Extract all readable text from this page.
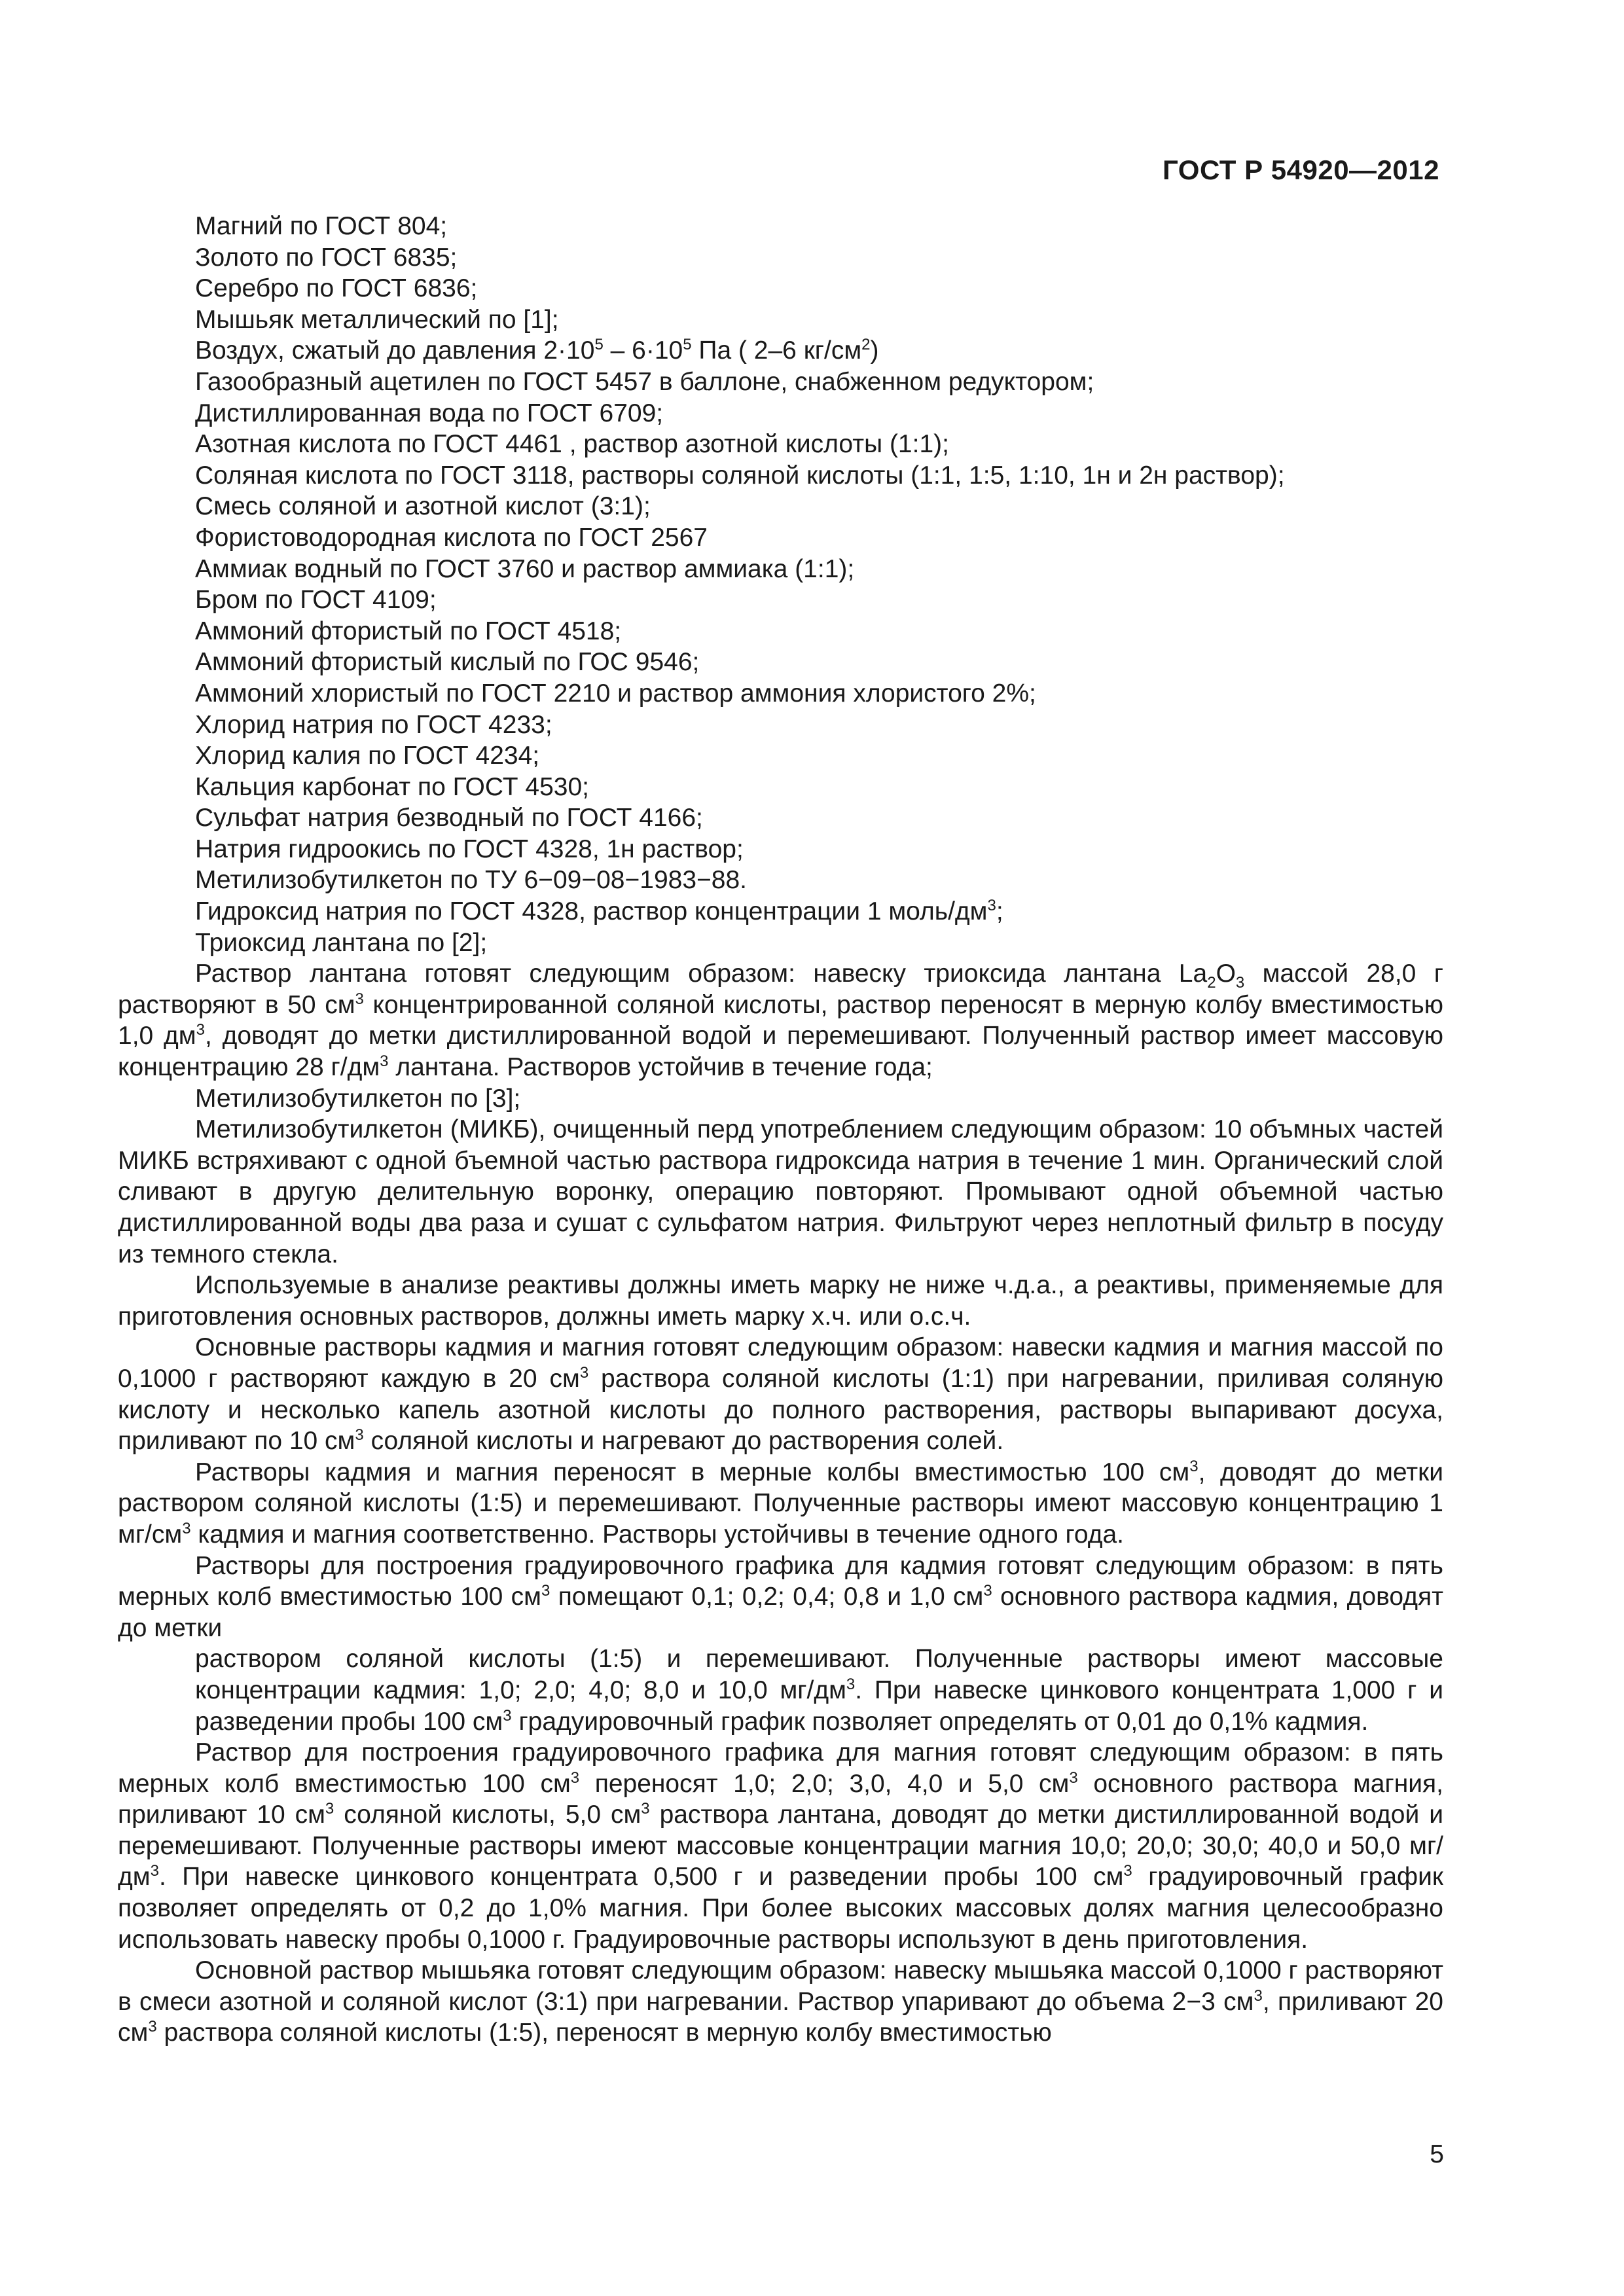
ГОСТ Р 54920—2012
Магний по ГОСТ 804;
Золото по ГОСТ 6835;
Серебро по ГОСТ 6836;
Мышьяк металлический по [1];
Воздух, сжатый до давления $2\cdot 10^5 - 6\cdot 10^5$ Па ( 2–6 $кг/см^2$)
Газообразный ацетилен по ГОСТ 5457 в баллоне, снабженном редуктором;
Дистиллированная вода по ГОСТ 6709;
Азотная кислота по ГОСТ 4461 , раствор азотной кислоты (1:1);
Соляная кислота по ГОСТ 3118, растворы соляной кислоты (1:1, 1:5, 1:10, 1н и 2н раствор);
Смесь соляной и азотной кислот (3:1);
Фористоводородная кислота по ГОСТ 2567
Аммиак водный по ГОСТ 3760 и раствор аммиака (1:1);
Бром по ГОСТ 4109;
Аммоний фтористый по ГОСТ 4518;
Аммоний фтористый кислый по ГОС 9546;
Аммоний хлористый по ГОСТ 2210 и раствор аммония хлористого 2%;
Хлорид натрия по ГОСТ 4233;
Хлорид калия по ГОСТ 4234;
Кальция карбонат по ГОСТ 4530;
Сульфат натрия безводный по ГОСТ 4166;
Натрия гидроокись по ГОСТ 4328, 1н раствор;
Метилизобутилкетон по ТУ 6−09−08−1983−88.
Гидроксид натрия по ГОСТ 4328, раствор концентрации 1 моль/$дм^3$;
Триоксид лантана по [2];
Раствор лантана готовят следующим образом: навеску триоксида лантана $La_2O_3$ массой 28,0 г растворяют в 50 $см^3$ концентрированной соляной кислоты, раствор переносят в мерную колбу вместимостью 1,0 $дм^3$, доводят до метки дистиллированной водой и перемешивают. Полученный раствор имеет массовую концентрацию 28 $г/дм^3$ лантана. Растворов устойчив в течение года;
Метилизобутилкетон по [3];
Метилизобутилкетон (МИКБ), очищенный перд употреблением следующим образом: 10 объмных частей МИКБ встряхивают с одной бъемной частью раствора гидроксида натрия в течение 1 мин. Органический слой сливают в другую делительную воронку, операцию повторяют. Промывают одной объемной частью дистиллированной воды два раза и сушат с сульфатом натрия. Фильтруют через неплотный фильтр в посуду из темного стекла.
Используемые в анализе реактивы должны иметь марку не ниже ч.д.а., а реактивы, применяемые для приготовления основных растворов, должны иметь марку х.ч. или о.с.ч.
Основные растворы кадмия и магния готовят следующим образом: навески кадмия и магния массой по 0,1000 г растворяют каждую в 20 $см^3$ раствора соляной кислоты (1:1) при нагревании, приливая соляную кислоту и несколько капель азотной кислоты до полного растворения, растворы выпаривают досуха, приливают по 10 $см^3$ соляной кислоты и нагревают до растворения солей.
Растворы кадмия и магния переносят в мерные колбы вместимостью 100 $см^3$, доводят до метки раствором соляной кислоты (1:5) и перемешивают. Полученные растворы имеют массовую концентрацию 1 $мг/см^3$ кадмия и магния соответственно. Растворы устойчивы в течение одного года.
Растворы для построения градуировочного графика для кадмия готовят следующим образом: в пять мерных колб вместимостью 100 $см^3$ помещают 0,1; 0,2; 0,4; 0,8 и 1,0 $см^3$ основного раствора кадмия, доводят до метки
раствором соляной кислоты (1:5) и перемешивают. Полученные растворы имеют массовые концентрации кадмия: 1,0; 2,0; 4,0; 8,0 и 10,0 $мг/дм^3$. При навеске цинкового концентрата 1,000 г и разведении пробы 100 $см^3$ градуировочный график позволяет определять от 0,01 до 0,1% кадмия.
Раствор для построения градуировочного графика для магния готовят следующим образом: в пять мерных колб вместимостью 100 $см^3$ переносят 1,0; 2,0; 3,0, 4,0 и 5,0 $см^3$ основного раствора магния, приливают 10 $см^3$ соляной кислоты, 5,0 $см^3$ раствора лантана, доводят до метки дистиллированной водой и перемешивают. Полученные растворы имеют массовые концентрации магния 10,0; 20,0; 30,0; 40,0 и 50,0 $мг/дм^3$. При навеске цинкового концентрата 0,500 г и разведении пробы 100 $см^3$ градуировочный график позволяет определять от 0,2 до 1,0% магния. При более высоких массовых долях магния целесообразно использовать навеску пробы 0,1000 г. Градуировочные растворы используют в день приготовления.
Основной раствор мышьяка готовят следующим образом: навеску мышьяка массой 0,1000 г растворяют в смеси азотной и соляной кислот (3:1) при нагревании. Раствор упаривают до объема 2−3 $см^3$, приливают 20 $см^3$ раствора соляной кислоты (1:5), переносят в мерную колбу вместимостью
5
